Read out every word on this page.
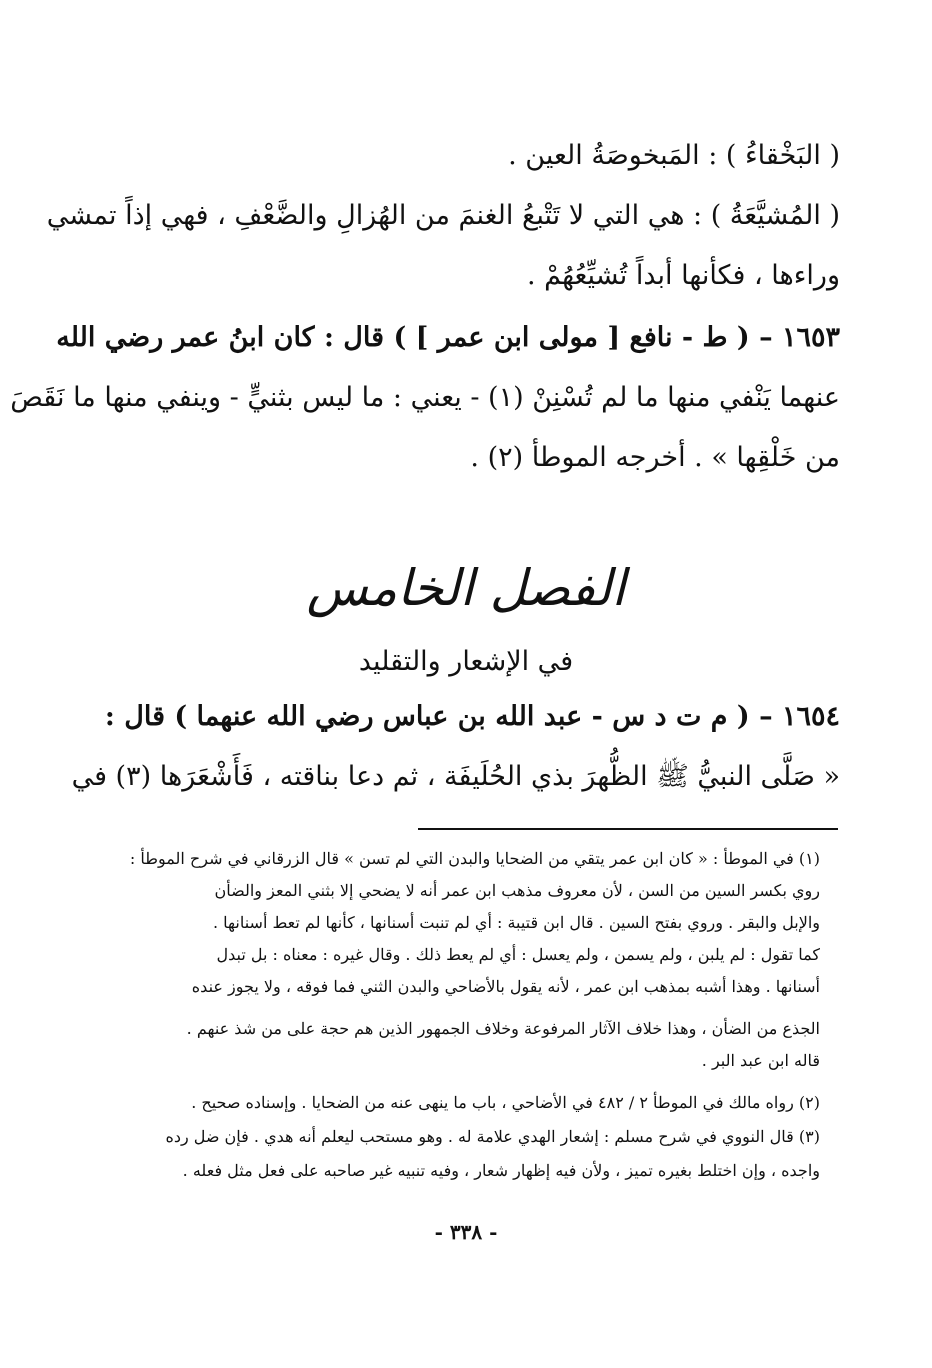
( البَخْقاءُ ) : المَبخوصَةُ العين .
( المُشيَّعَةُ ) : هي التي لا تَتْبعُ الغنمَ من الهُزالِ والضَّعْفِ ، فهي إذاً تمشي
وراءها ، فكأنها أبداً تُشيِّعُهُمْ .
١٦٥٣ – ( ط - نافع [ مولى ابن عمر ] ) قال : كان ابنُ عمر رضي الله
عنهما يَنْفي منها ما لم تُسْنِنْ (١) - يعني : ما ليس بثنيٍّ - وينفي منها ما نَقَصَ
من خَلْقِها » . أخرجه الموطأ (٢) .
الفصل الخامس
في الإشعار والتقليد
١٦٥٤ – ( م ت د س - عبد الله بن عباس رضي الله عنهما ) قال :
« صَلَّى النبيُّ ﷺ الظُّهرَ بذي الحُلَيفَة ، ثم دعا بناقته ، فَأَشْعَرَها (٣) في
(١) في الموطأ : « كان ابن عمر يتقي من الضحايا والبدن التي لم تسن » قال الزرقاني في شرح الموطأ :
روي بكسر السين من السن ، لأن معروف مذهب ابن عمر أنه لا يضحي إلا بثني المعز والضأن
والإبل والبقر . وروي بفتح السين . قال ابن قتيبة : أي لم تنبت أسنانها ، كأنها لم تعط أسنانها .
كما تقول : لم يلبن ، ولم يسمن ، ولم يعسل : أي لم يعط ذلك . وقال غيره : معناه : بل تبدل
أسنانها . وهذا أشبه بمذهب ابن عمر ، لأنه يقول بالأضاحي والبدن الثني فما فوقه ، ولا يجوز عنده
الجذع من الضأن ، وهذا خلاف الآثار المرفوعة وخلاف الجمهور الذين هم حجة على من شذ عنهم .
قاله ابن عبد البر .
(٢) رواه مالك في الموطأ ٢ / ٤٨٢ في الأضاحي ، باب ما ينهى عنه من الضحايا . وإسناده صحيح .
(٣) قال النووي في شرح مسلم : إشعار الهدي علامة له . وهو مستحب ليعلم أنه هدي . فإن ضل رده
واجده ، وإن اختلط بغيره تميز ، ولأن فيه إظهار شعار ، وفيه تنبيه غير صاحبه على فعل مثل فعله .
- ٣٣٨ -
